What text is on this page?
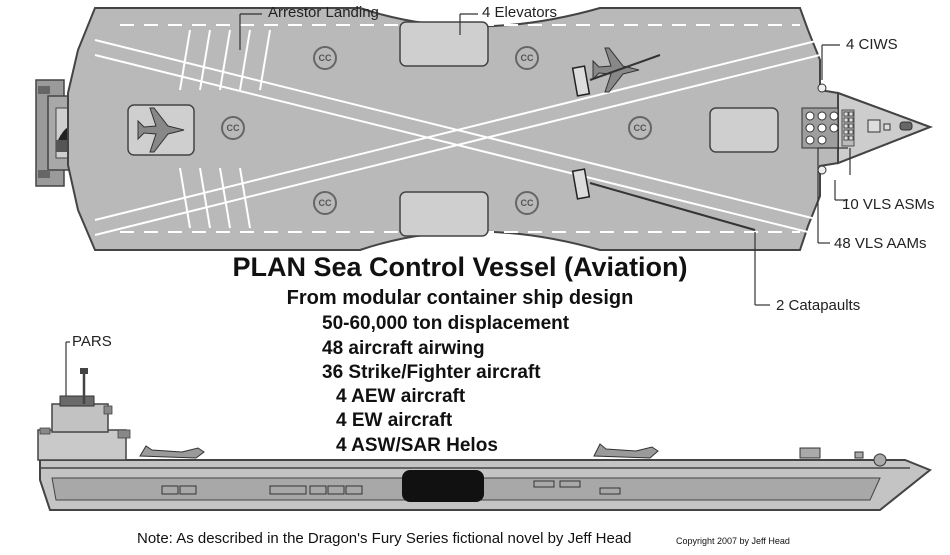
CC	CC
CC	CC
CC	CC
Arrestor Landing	4 Elevators
4 CIWS
10 VLS ASMs
48 VLS AAMs
2 Catapaults
PARS
PLAN Sea Control Vessel (Aviation)
From modular container ship design
50-60,000 ton displacement
48 aircraft airwing
36 Strike/Fighter aircraft
4 AEW aircraft
4 EW aircraft
4 ASW/SAR Helos
Note: As described in the Dragon's Fury Series fictional novel by Jeff Head	Copyright 2007 by Jeff Head
